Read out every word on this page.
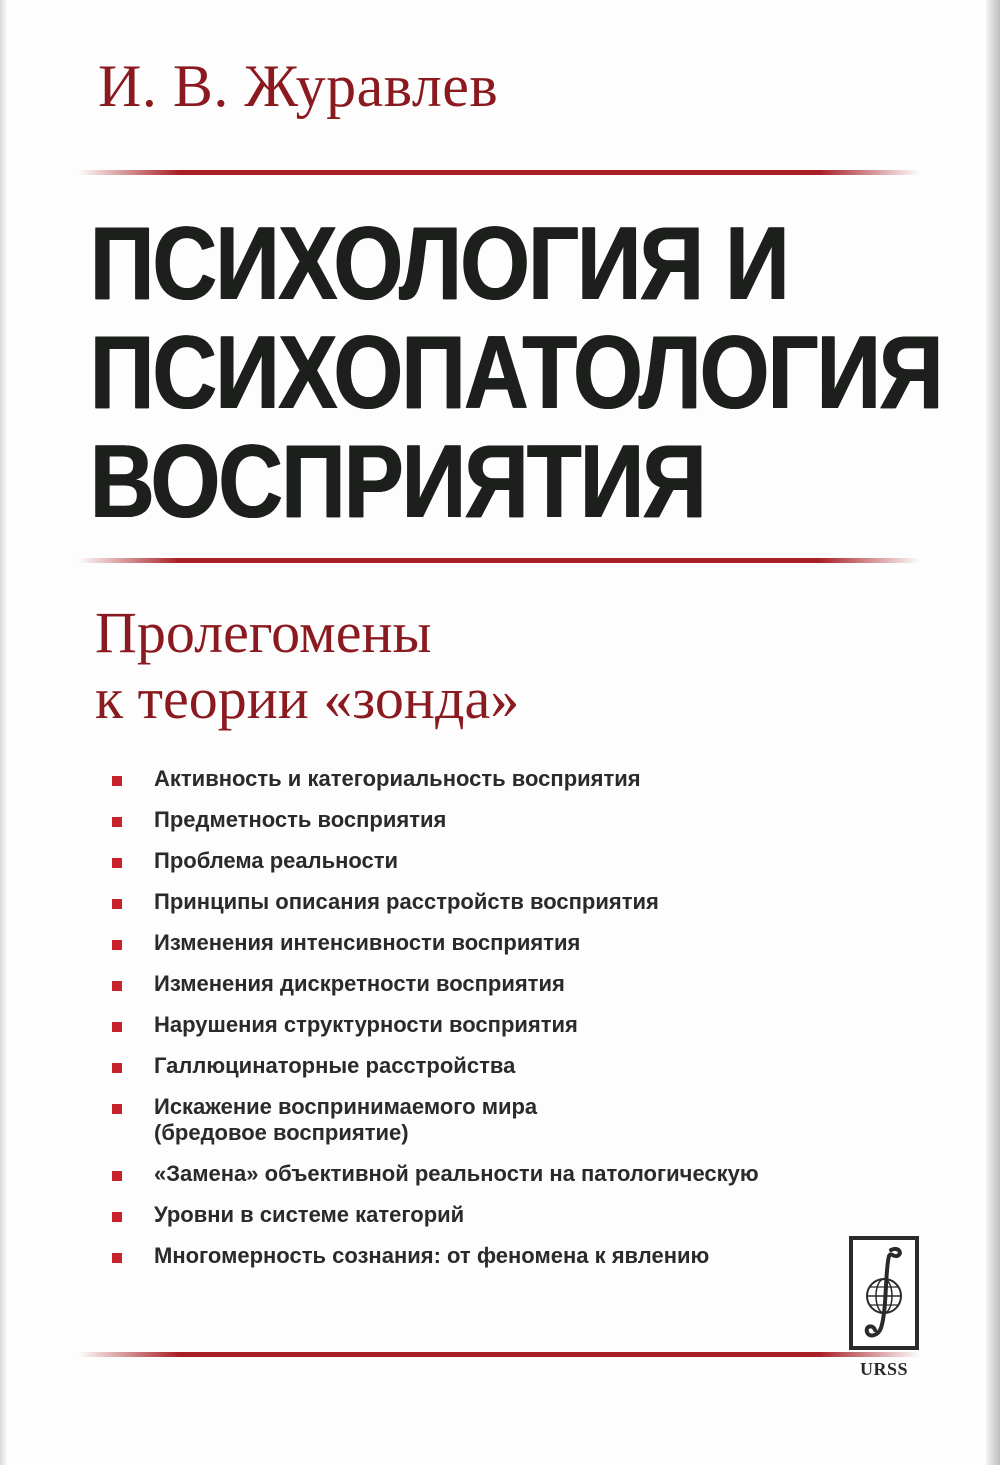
И. В. Журавлев
ПСИХОЛОГИЯ И
ПСИХОПАТОЛОГИЯ
ВОСПРИЯТИЯ
Пролегомены
к теории «зонда»
Активность и категориальность восприятия
Предметность восприятия
Проблема реальности
Принципы описания расстройств восприятия
Изменения интенсивности восприятия
Изменения дискретности восприятия
Нарушения структурности восприятия
Галлюцинаторные расстройства
Искажение воспринимаемого мира
(бредовое восприятие)
«Замена» объективной реальности на патологическую
Уровни в системе категорий
Многомерность сознания: от феномена к явлению
URSS
